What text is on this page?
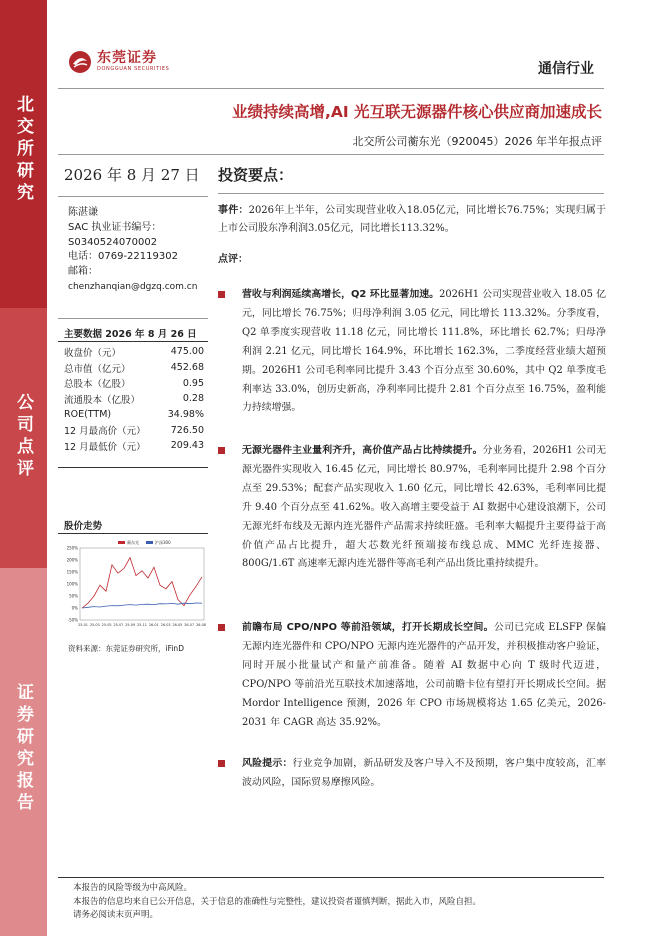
北交所研究
公司点评
证券研究报告
东莞证券
DONGGUAN SECURITIES	通信行业
业绩持续高增,AI 光互联无源器件核心供应商加速成长
北交所公司蘅东光（920045）2026 年半年报点评
2026 年 8 月 27 日
陈湛谦
SAC 执业证书编号：
S0340524070002
电话：0769-22119302
邮箱：
chenzhanqian@dgzq.com.cn
主要数据 2026 年 8 月 26 日
收盘价（元）	475.00
总市值（亿元）	452.68
总股本（亿股）	0.95
流通股本（亿股）	0.28
ROE(TTM)	34.98%
12 月最高价（元）	726.50
12 月最低价（元）	209.43
股价走势
250%
200%
150%
100%
50%
0%
-50%
25-01 25-03 25-05 25-07 25-09 25-11 26-01 26-03 26-05 26-07 26-08
蘅东光	沪深300
资料来源：东莞证券研究所，iFinD
投资要点：
事件：2026年上半年，公司实现营业收入18.05亿元，同比增长76.75%；实现归属于上市公司股东净利润3.05亿元，同比增长113.32%。
点评：
营收与利润延续高增长，Q2 环比显著加速。2026H1 公司实现营业收入 18.05 亿元，同比增长 76.75%；归母净利润 3.05 亿元，同比增长 113.32%。分季度看，Q2 单季度实现营收 11.18 亿元，同比增长 111.8%，环比增长 62.7%；归母净利润 2.21 亿元，同比增长 164.9%，环比增长 162.3%，二季度经营业绩大超预期。2026H1 公司毛利率同比提升 3.43 个百分点至 30.60%，其中 Q2 单季度毛利率达 33.0%，创历史新高，净利率同比提升 2.81 个百分点至 16.75%，盈利能力持续增强。
无源光器件主业量利齐升，高价值产品占比持续提升。分业务看，2026H1 公司无源光器件实现收入 16.45 亿元，同比增长 80.97%，毛利率同比提升 2.98 个百分点至 29.53%；配套产品实现收入 1.60 亿元，同比增长 42.63%，毛利率同比提升 9.40 个百分点至 41.62%。收入高增主要受益于 AI 数据中心建设浪潮下，公司无源光纤布线及无源内连光器件产品需求持续旺盛。毛利率大幅提升主要得益于高价值产品占比提升，超大芯数光纤预端接布线总成、MMC 光纤连接器、800G/1.6T 高速率无源内连光器件等高毛利产品出货比重持续提升。
前瞻布局 CPO/NPO 等前沿领域，打开长期成长空间。公司已完成 ELSFP 保偏无源内连光器件和 CPO/NPO 无源内连光器件的产品开发，并积极推动客户验证，同时开展小批量试产和量产前准备。随着 AI 数据中心向 T 级时代迈进，CPO/NPO 等前沿光互联技术加速落地，公司前瞻卡位有望打开长期成长空间。据 Mordor Intelligence 预测，2026 年 CPO 市场规模将达 1.65 亿美元，2026-2031 年 CAGR 高达 35.92%。
风险提示：行业竞争加剧，新品研发及客户导入不及预期，客户集中度较高，汇率波动风险，国际贸易摩擦风险。
本报告的风险等级为中高风险。
本报告的信息均来自已公开信息，关于信息的准确性与完整性，建议投资者谨慎判断，据此入市，风险自担。
请务必阅读末页声明。
